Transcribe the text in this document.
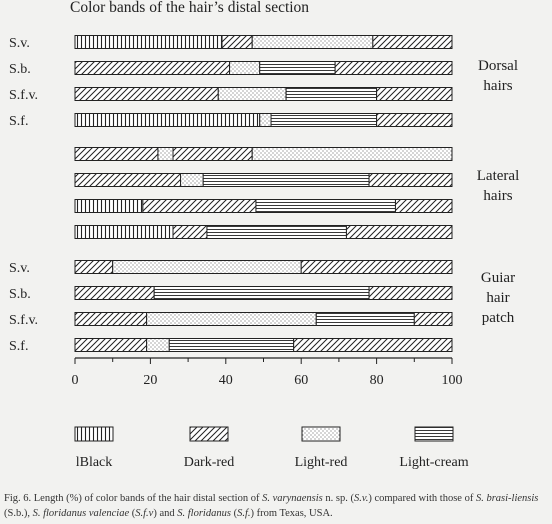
Color bands of the hair’s distal section
S.v.
S.b.
S.f.v.
S.f.
Dorsal
hairs
Lateral
hairs
S.v.
S.b.
S.f.v.
S.f.
Guiar
hair
patch
0	20	40	60	80	100
lBlack	Dark-red	Light-red	Light-cream
Fig. 6. Length (%) of color bands of the hair distal section of S. varynaensis n. sp. (S.v.) compared with those of S. brasi-liensis (S.b.), S. floridanus valenciae (S.f.v) and S. floridanus (S.f.) from Texas, USA.
